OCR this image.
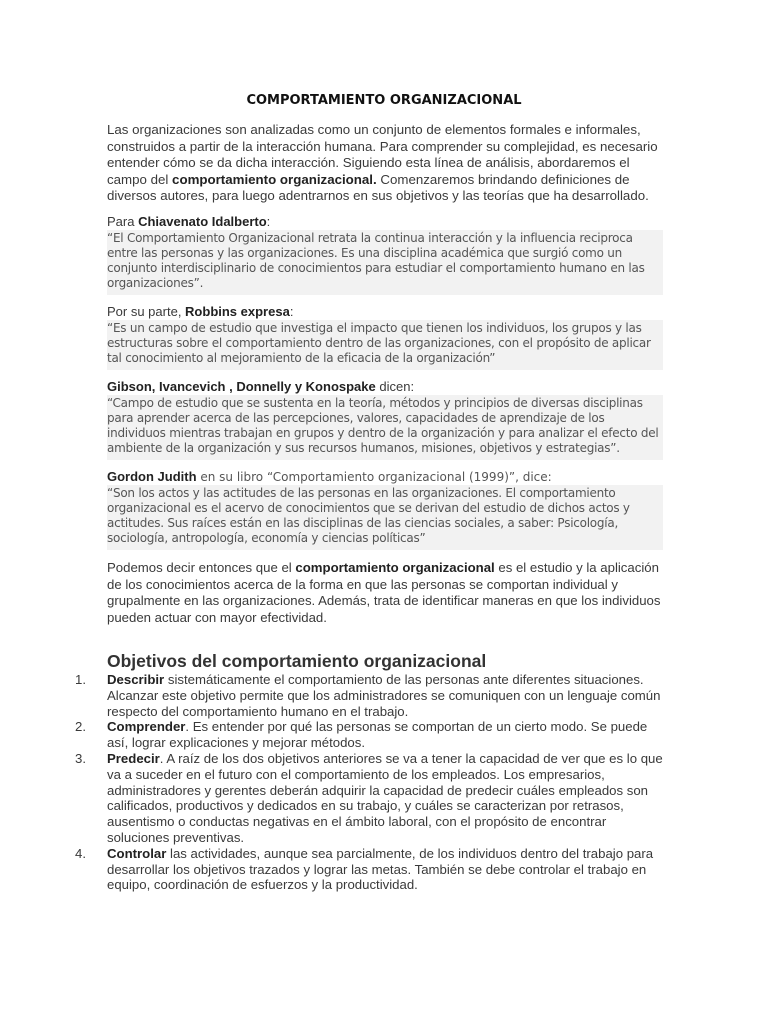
COMPORTAMIENTO ORGANIZACIONAL

Las organizaciones son analizadas como un conjunto de elementos formales e informales, construidos a partir de la interacción humana. Para comprender su complejidad, es necesario entender cómo se da dicha interacción. Siguiendo esta línea de análisis, abordaremos el campo del comportamiento organizacional. Comenzaremos brindando definiciones de diversos autores, para luego adentrarnos en sus objetivos y las teorías que ha desarrollado.

Para Chiavenato Idalberto:

“El Comportamiento Organizacional retrata la continua interacción y la influencia reciproca entre las personas y las organizaciones. Es una disciplina académica que surgió como un conjunto interdisciplinario de conocimientos para estudiar el comportamiento humano en las organizaciones”.

Por su parte, Robbins expresa:

“Es un campo de estudio que investiga el impacto que tienen los individuos, los grupos y las estructuras sobre el comportamiento dentro de las organizaciones, con el propósito de aplicar tal conocimiento al mejoramiento de la eficacia de la organización”

Gibson, Ivancevich , Donnelly y Konospake dicen:

“Campo de estudio que se sustenta en la teoría, métodos y principios de diversas disciplinas para aprender acerca de las percepciones, valores, capacidades de aprendizaje de los individuos mientras trabajan en grupos y dentro de la organización y para analizar el efecto del ambiente de la organización y sus recursos humanos, misiones, objetivos y estrategias”.

Gordon Judith en su libro “Comportamiento organizacional (1999)”, dice:

“Son los actos y las actitudes de las personas en las organizaciones. El comportamiento organizacional es el acervo de conocimientos que se derivan del estudio de dichos actos y actitudes. Sus raíces están en las disciplinas de las ciencias sociales, a saber: Psicología, sociología, antropología, economía y ciencias políticas”

Podemos decir entonces que el comportamiento organizacional es el estudio y la aplicación de los conocimientos acerca de la forma en que las personas se comportan individual y grupalmente en las organizaciones. Además, trata de identificar maneras en que los individuos pueden actuar con mayor efectividad.

Objetivos del comportamiento organizacional
1. Describir sistemáticamente el comportamiento de las personas ante diferentes situaciones. Alcanzar este objetivo permite que los administradores se comuniquen con un lenguaje común respecto del comportamiento humano en el trabajo.
2. Comprender. Es entender por qué las personas se comportan de un cierto modo. Se puede así, lograr explicaciones y mejorar métodos.
3. Predecir. A raíz de los dos objetivos anteriores se va a tener la capacidad de ver que es lo que va a suceder en el futuro con el comportamiento de los empleados. Los empresarios, administradores y gerentes deberán adquirir la capacidad de predecir cuáles empleados son calificados, productivos y dedicados en su trabajo, y cuáles se caracterizan por retrasos, ausentismo o conductas negativas en el ámbito laboral, con el propósito de encontrar soluciones preventivas.
4. Controlar las actividades, aunque sea parcialmente, de los individuos dentro del trabajo para desarrollar los objetivos trazados y lograr las metas. También se debe controlar el trabajo en equipo, coordinación de esfuerzos y la productividad.
